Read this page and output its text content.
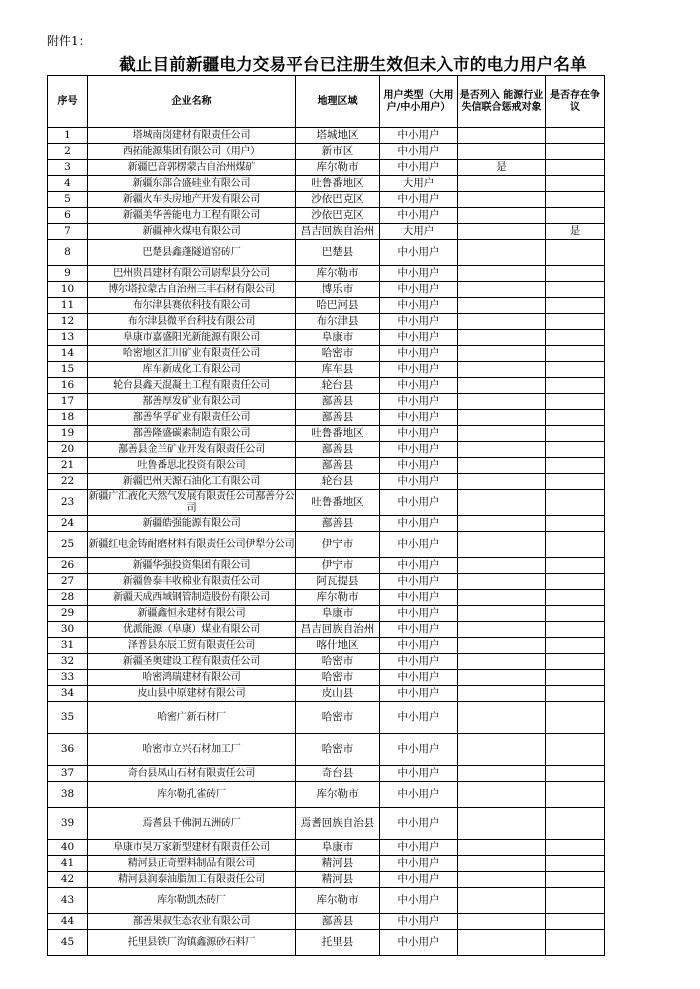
附件1：
截止目前新疆电力交易平台已注册生效但未入市的电力用户名单
序号	企业名称	地理区域	用户类型（大用户/中小用户）	是否列入 能源行业失信联合惩戒对象	是否存在争议
1	塔城南岗建材有限责任公司	塔城地区	中小用户		
2	西拓能源集团有限公司（用户）	新市区	中小用户		
3	新疆巴音郭楞蒙古自治州煤矿	库尔勒市	中小用户	是	
4	新疆东部合盛硅业有限公司	吐鲁番地区	大用户		
5	新疆火车头房地产开发有限公司	沙依巴克区	中小用户		
6	新疆美华善能电力工程有限公司	沙依巴克区	中小用户		
7	新疆神火煤电有限公司	昌吉回族自治州	大用户		是
8	巴楚县鑫蓬隧道窑砖厂	巴楚县	中小用户		
9	巴州贵昌建材有限公司尉犁县分公司	库尔勒市	中小用户		
10	博尔塔拉蒙古自治州三丰石材有限公司	博乐市	中小用户		
11	布尔津县赛依科技有限公司	哈巴河县	中小用户		
12	布尔津县微平台科技有限公司	布尔津县	中小用户		
13	阜康市嘉盛阳光新能源有限公司	阜康市	中小用户		
14	哈密地区汇川矿业有限责任公司	哈密市	中小用户		
15	库车新成化工有限公司	库车县	中小用户		
16	轮台县鑫天混凝土工程有限责任公司	轮台县	中小用户		
17	鄯善厚发矿业有限公司	鄯善县	中小用户		
18	鄯善华孚矿业有限责任公司	鄯善县	中小用户		
19	鄯善隆盛碳素制造有限公司	吐鲁番地区	中小用户		
20	鄯善县金兰矿业开发有限责任公司	鄯善县	中小用户		
21	吐鲁番思北投资有限公司	鄯善县	中小用户		
22	新疆巴州天源石油化工有限公司	轮台县	中小用户		
23	新疆广汇液化天然气发展有限责任公司鄯善分公司	吐鲁番地区	中小用户		
24	新疆皓强能源有限公司	鄯善县	中小用户		
25	新疆红电金铸耐磨材料有限责任公司伊犁分公司	伊宁市	中小用户		
26	新疆华强投资集团有限公司	伊宁市	中小用户		
27	新疆鲁泰丰收棉业有限责任公司	阿瓦提县	中小用户		
28	新疆天成西域钢管制造股份有限公司	库尔勒市	中小用户		
29	新疆鑫恒永建材有限公司	阜康市	中小用户		
30	优派能源（阜康）煤业有限公司	昌吉回族自治州	中小用户		
31	泽普县东辰工贸有限责任公司	喀什地区	中小用户		
32	新疆圣奥建设工程有限责任公司	哈密市	中小用户		
33	哈密鸿瑞建材有限公司	哈密市	中小用户		
34	皮山县中原建材有限公司	皮山县	中小用户		
35	哈密广新石材厂	哈密市	中小用户		
36	哈密市立兴石材加工厂	哈密市	中小用户		
37	奇台县凤山石材有限责任公司	奇台县	中小用户		
38	库尔勒孔雀砖厂	库尔勒市	中小用户		
39	焉耆县千佛洞五洲砖厂	焉耆回族自治县	中小用户		
40	阜康市昊万家新型建材有限责任公司	阜康市	中小用户		
41	精河县正奇塑料制品有限公司	精河县	中小用户		
42	精河县润泰油脂加工有限责任公司	精河县	中小用户		
43	库尔勒凯杰砖厂	库尔勒市	中小用户		
44	鄯善果叔生态农业有限公司	鄯善县	中小用户		
45	托里县铁厂沟镇鑫源砂石料厂	托里县	中小用户		
